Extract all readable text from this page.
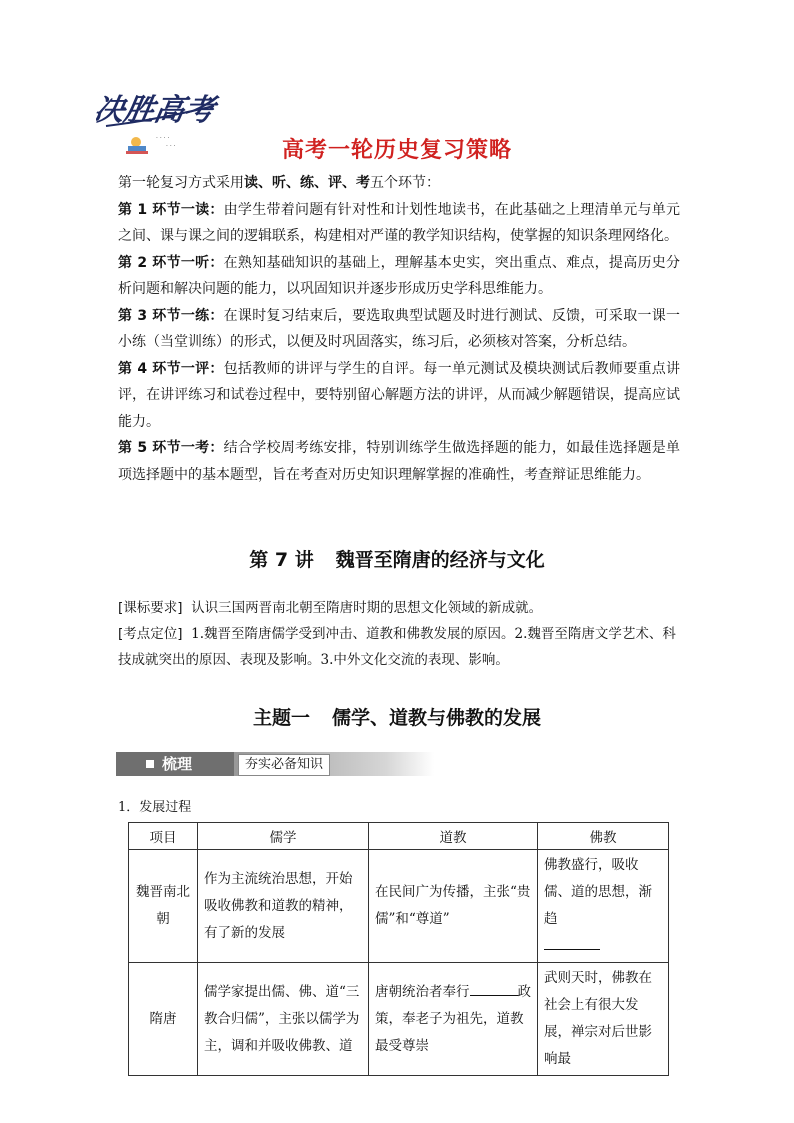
决胜高考
· · · ·
· · ·	高考一轮历史复习策略

第一轮复习方式采用读、听、练、评、考五个环节：

第 1 环节一读：由学生带着问题有针对性和计划性地读书，在此基础之上理清单元与单元之间、课与课之间的逻辑联系，构建相对严谨的教学知识结构，使掌握的知识条理网络化。

第 2 环节一听：在熟知基础知识的基础上，理解基本史实，突出重点、难点，提高历史分析问题和解决问题的能力，以巩固知识并逐步形成历史学科思维能力。

第 3 环节一练：在课时复习结束后，要选取典型试题及时进行测试、反馈，可采取一课一小练（当堂训练）的形式，以便及时巩固落实，练习后，必须核对答案，分析总结。

第 4 环节一评：包括教师的讲评与学生的自评。每一单元测试及模块测试后教师要重点讲评，在讲评练习和试卷过程中，要特别留心解题方法的讲评，从而减少解题错误，提高应试能力。

第 5 环节一考：结合学校周考练安排，特别训练学生做选择题的能力，如最佳选择题是单项选择题中的基本题型，旨在考查对历史知识理解掌握的准确性，考查辩证思维能力。

第 7 讲 魏晋至隋唐的经济与文化

[课标要求] 认识三国两晋南北朝至隋唐时期的思想文化领域的新成就。

[考点定位] 1.魏晋至隋唐儒学受到冲击、道教和佛教发展的原因。2.魏晋至隋唐文学艺术、科技成就突出的原因、表现及影响。3.中外文化交流的表现、影响。

主题一 儒学、道教与佛教的发展
梳理	夯实必备知识
1．发展过程
项目	儒学	道教	佛教
魏晋南北朝	作为主流统治思想，开始吸收佛教和道教的精神，有了新的发展	在民间广为传播，主张“贵儒”和“尊道”	佛教盛行，吸收儒、道的思想，渐趋

隋唐	儒学家提出儒、佛、道“三教合归儒”，主张以儒学为主，调和并吸收佛教、道	唐朝统治者奉行 政策，奉老子为祖先，道教最受尊崇	武则天时，佛教在社会上有很大发展，禅宗对后世影响最
